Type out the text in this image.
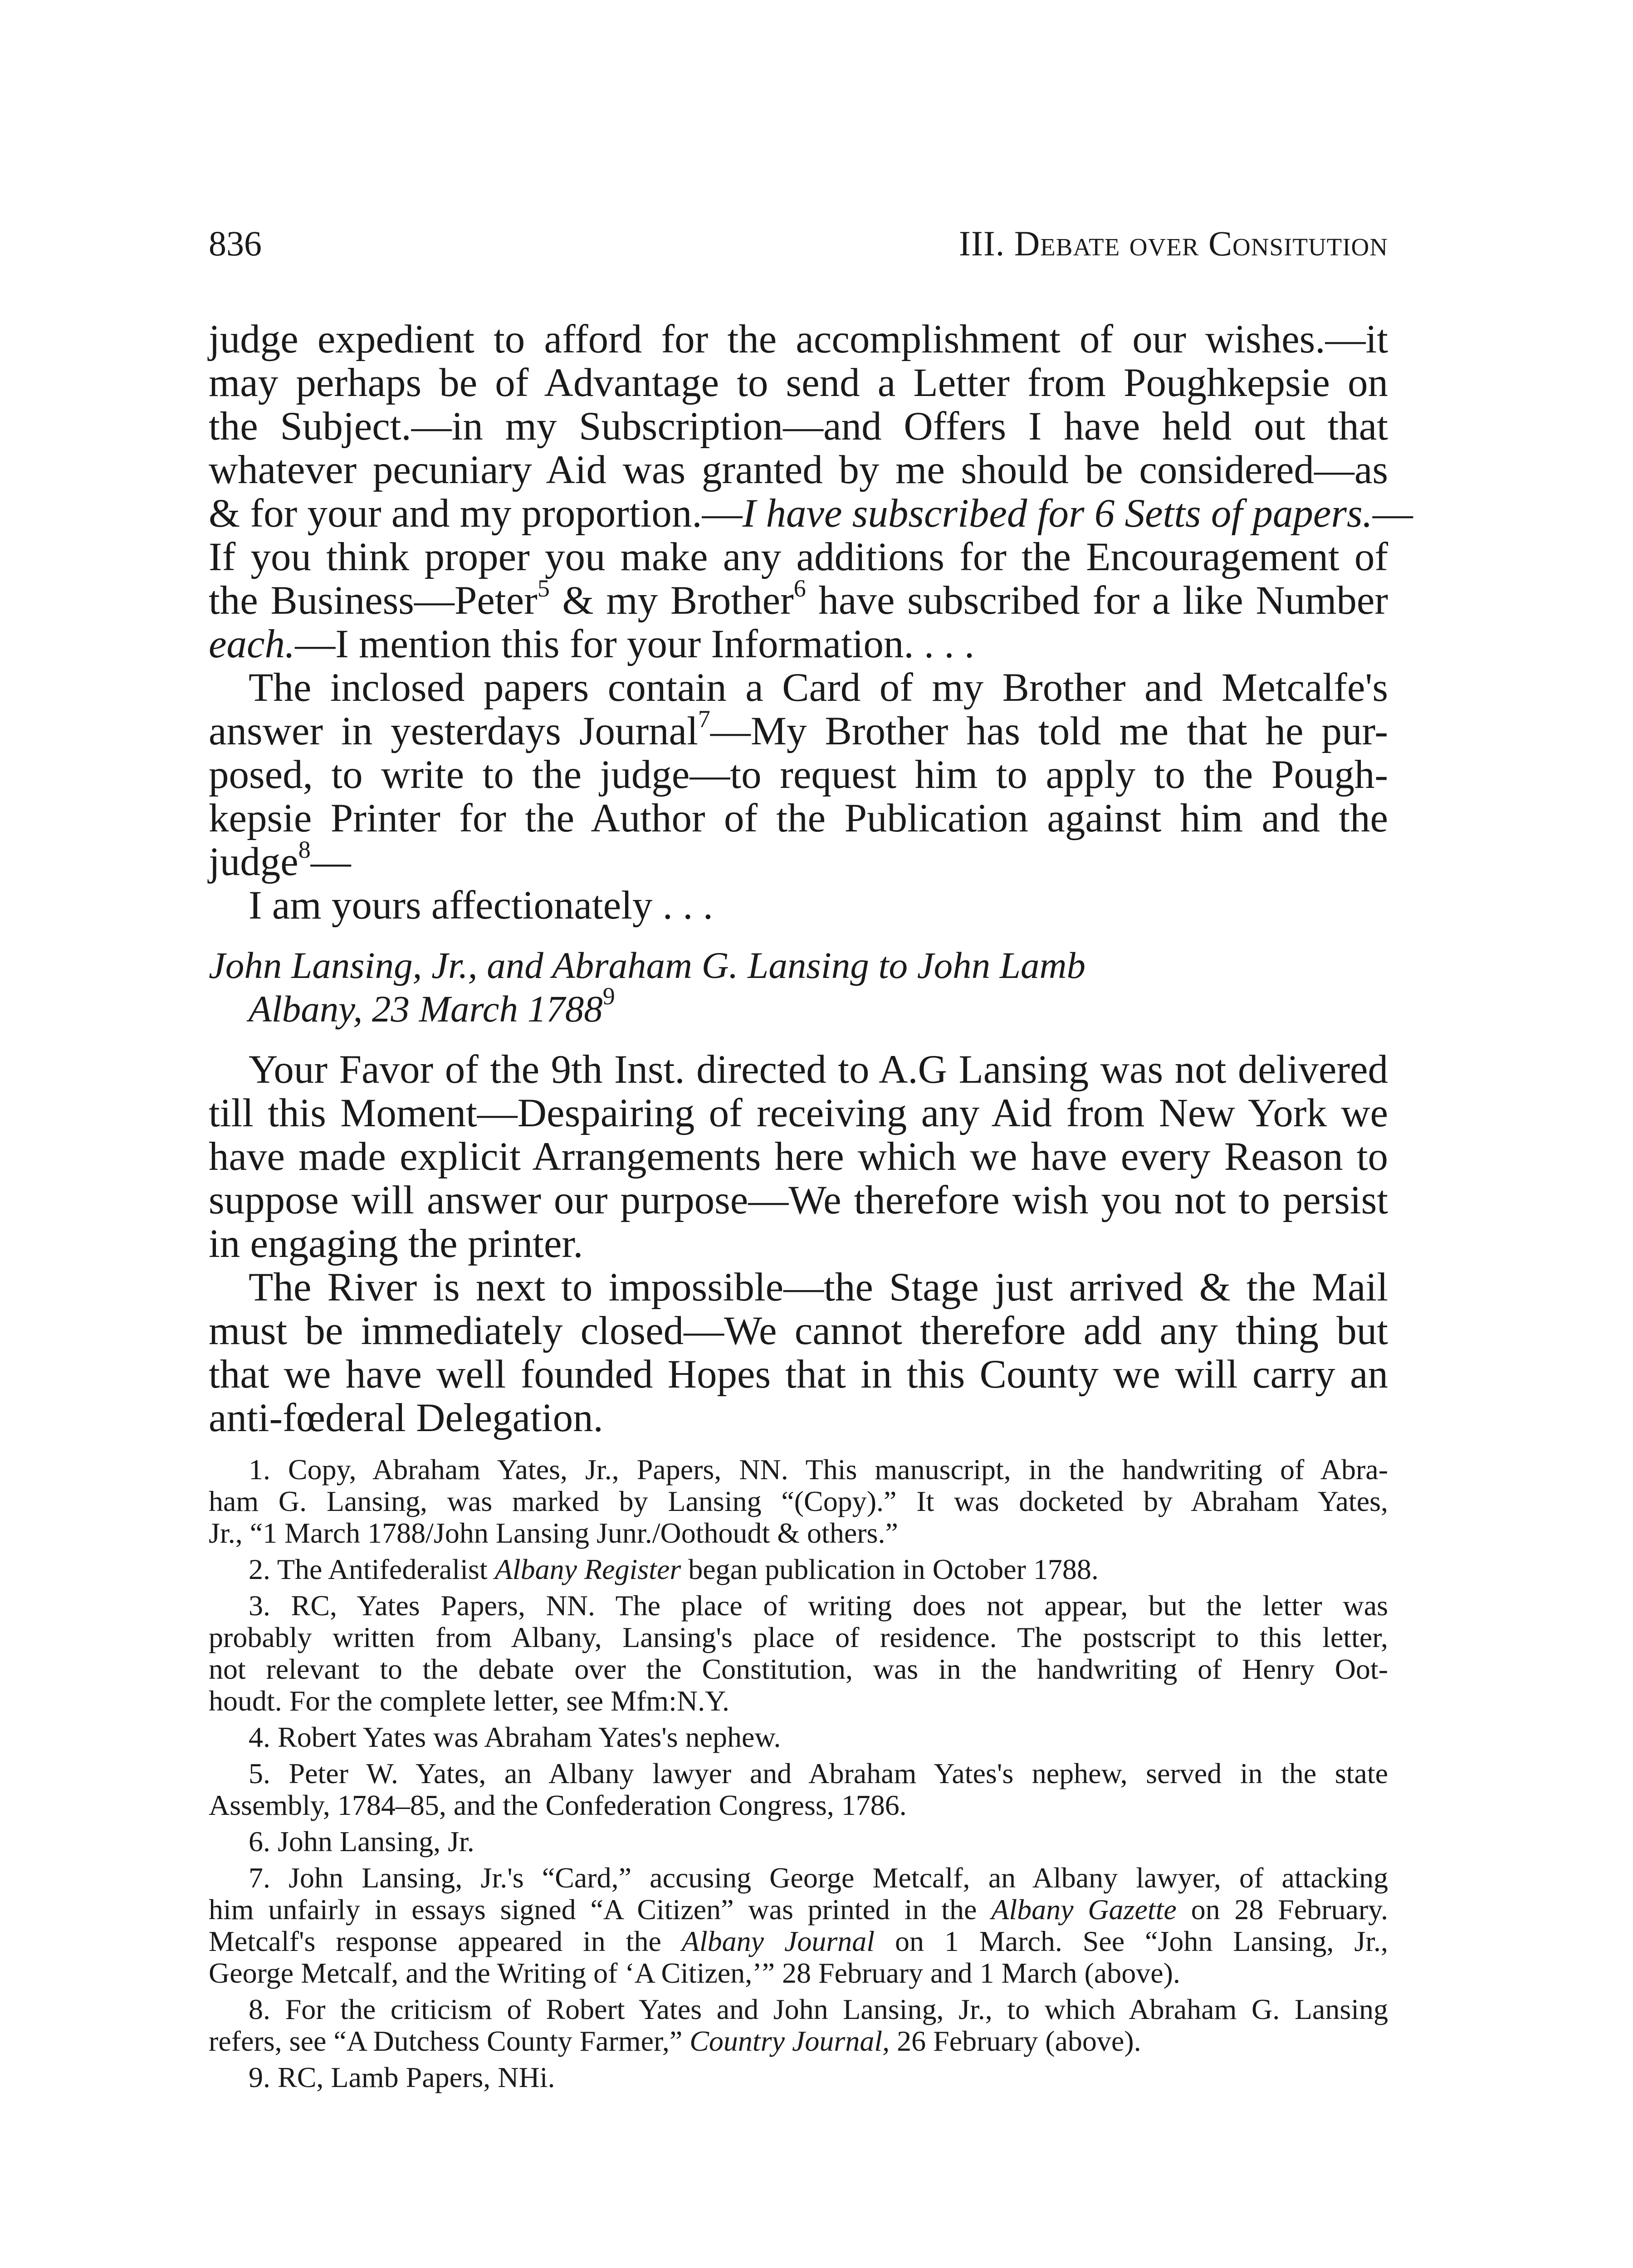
836	III. Debate over Consitution
judge expedient to afford for the accomplishment of our wishes.—it
may perhaps be of Advantage to send a Letter from Poughkepsie on
the Subject.—in my Subscription—and Offers I have held out that
whatever pecuniary Aid was granted by me should be considered—as
& for your and my proportion.—I have subscribed for 6 Setts of papers.—
If you think proper you make any additions for the Encouragement of
the Business—Peter$^5$ & my Brother$^6$ have subscribed for a like Number
each.—I mention this for your Information. . . .
The inclosed papers contain a Card of my Brother and Metcalfe's
answer in yesterdays Journal$^7$—My Brother has told me that he pur-
posed, to write to the judge—to request him to apply to the Pough-
kepsie Printer for the Author of the Publication against him and the
judge$^8$—
I am yours affectionately . . .
John Lansing, Jr., and Abraham G. Lansing to John Lamb
Albany, 23 March 1788$^9$
Your Favor of the 9th Inst. directed to A.G Lansing was not delivered
till this Moment—Despairing of receiving any Aid from New York we
have made explicit Arrangements here which we have every Reason to
suppose will answer our purpose—We therefore wish you not to persist
in engaging the printer.
The River is next to impossible—the Stage just arrived & the Mail
must be immediately closed—We cannot therefore add any thing but
that we have well founded Hopes that in this County we will carry an
anti-fœderal Delegation.
1. Copy, Abraham Yates, Jr., Papers, NN. This manuscript, in the handwriting of Abra-
ham G. Lansing, was marked by Lansing “(Copy).” It was docketed by Abraham Yates,
Jr., “1 March 1788/John Lansing Junr./Oothoudt & others.”
2. The Antifederalist Albany Register began publication in October 1788.
3. RC, Yates Papers, NN. The place of writing does not appear, but the letter was
probably written from Albany, Lansing's place of residence. The postscript to this letter,
not relevant to the debate over the Constitution, was in the handwriting of Henry Oot-
houdt. For the complete letter, see Mfm:N.Y.
4. Robert Yates was Abraham Yates's nephew.
5. Peter W. Yates, an Albany lawyer and Abraham Yates's nephew, served in the state
Assembly, 1784–85, and the Confederation Congress, 1786.
6. John Lansing, Jr.
7. John Lansing, Jr.'s “Card,” accusing George Metcalf, an Albany lawyer, of attacking
him unfairly in essays signed “A Citizen” was printed in the Albany Gazette on 28 February.
Metcalf's response appeared in the Albany Journal on 1 March. See “John Lansing, Jr.,
George Metcalf, and the Writing of ‘A Citizen,’” 28 February and 1 March (above).
8. For the criticism of Robert Yates and John Lansing, Jr., to which Abraham G. Lansing
refers, see “A Dutchess County Farmer,” Country Journal, 26 February (above).
9. RC, Lamb Papers, NHi.
